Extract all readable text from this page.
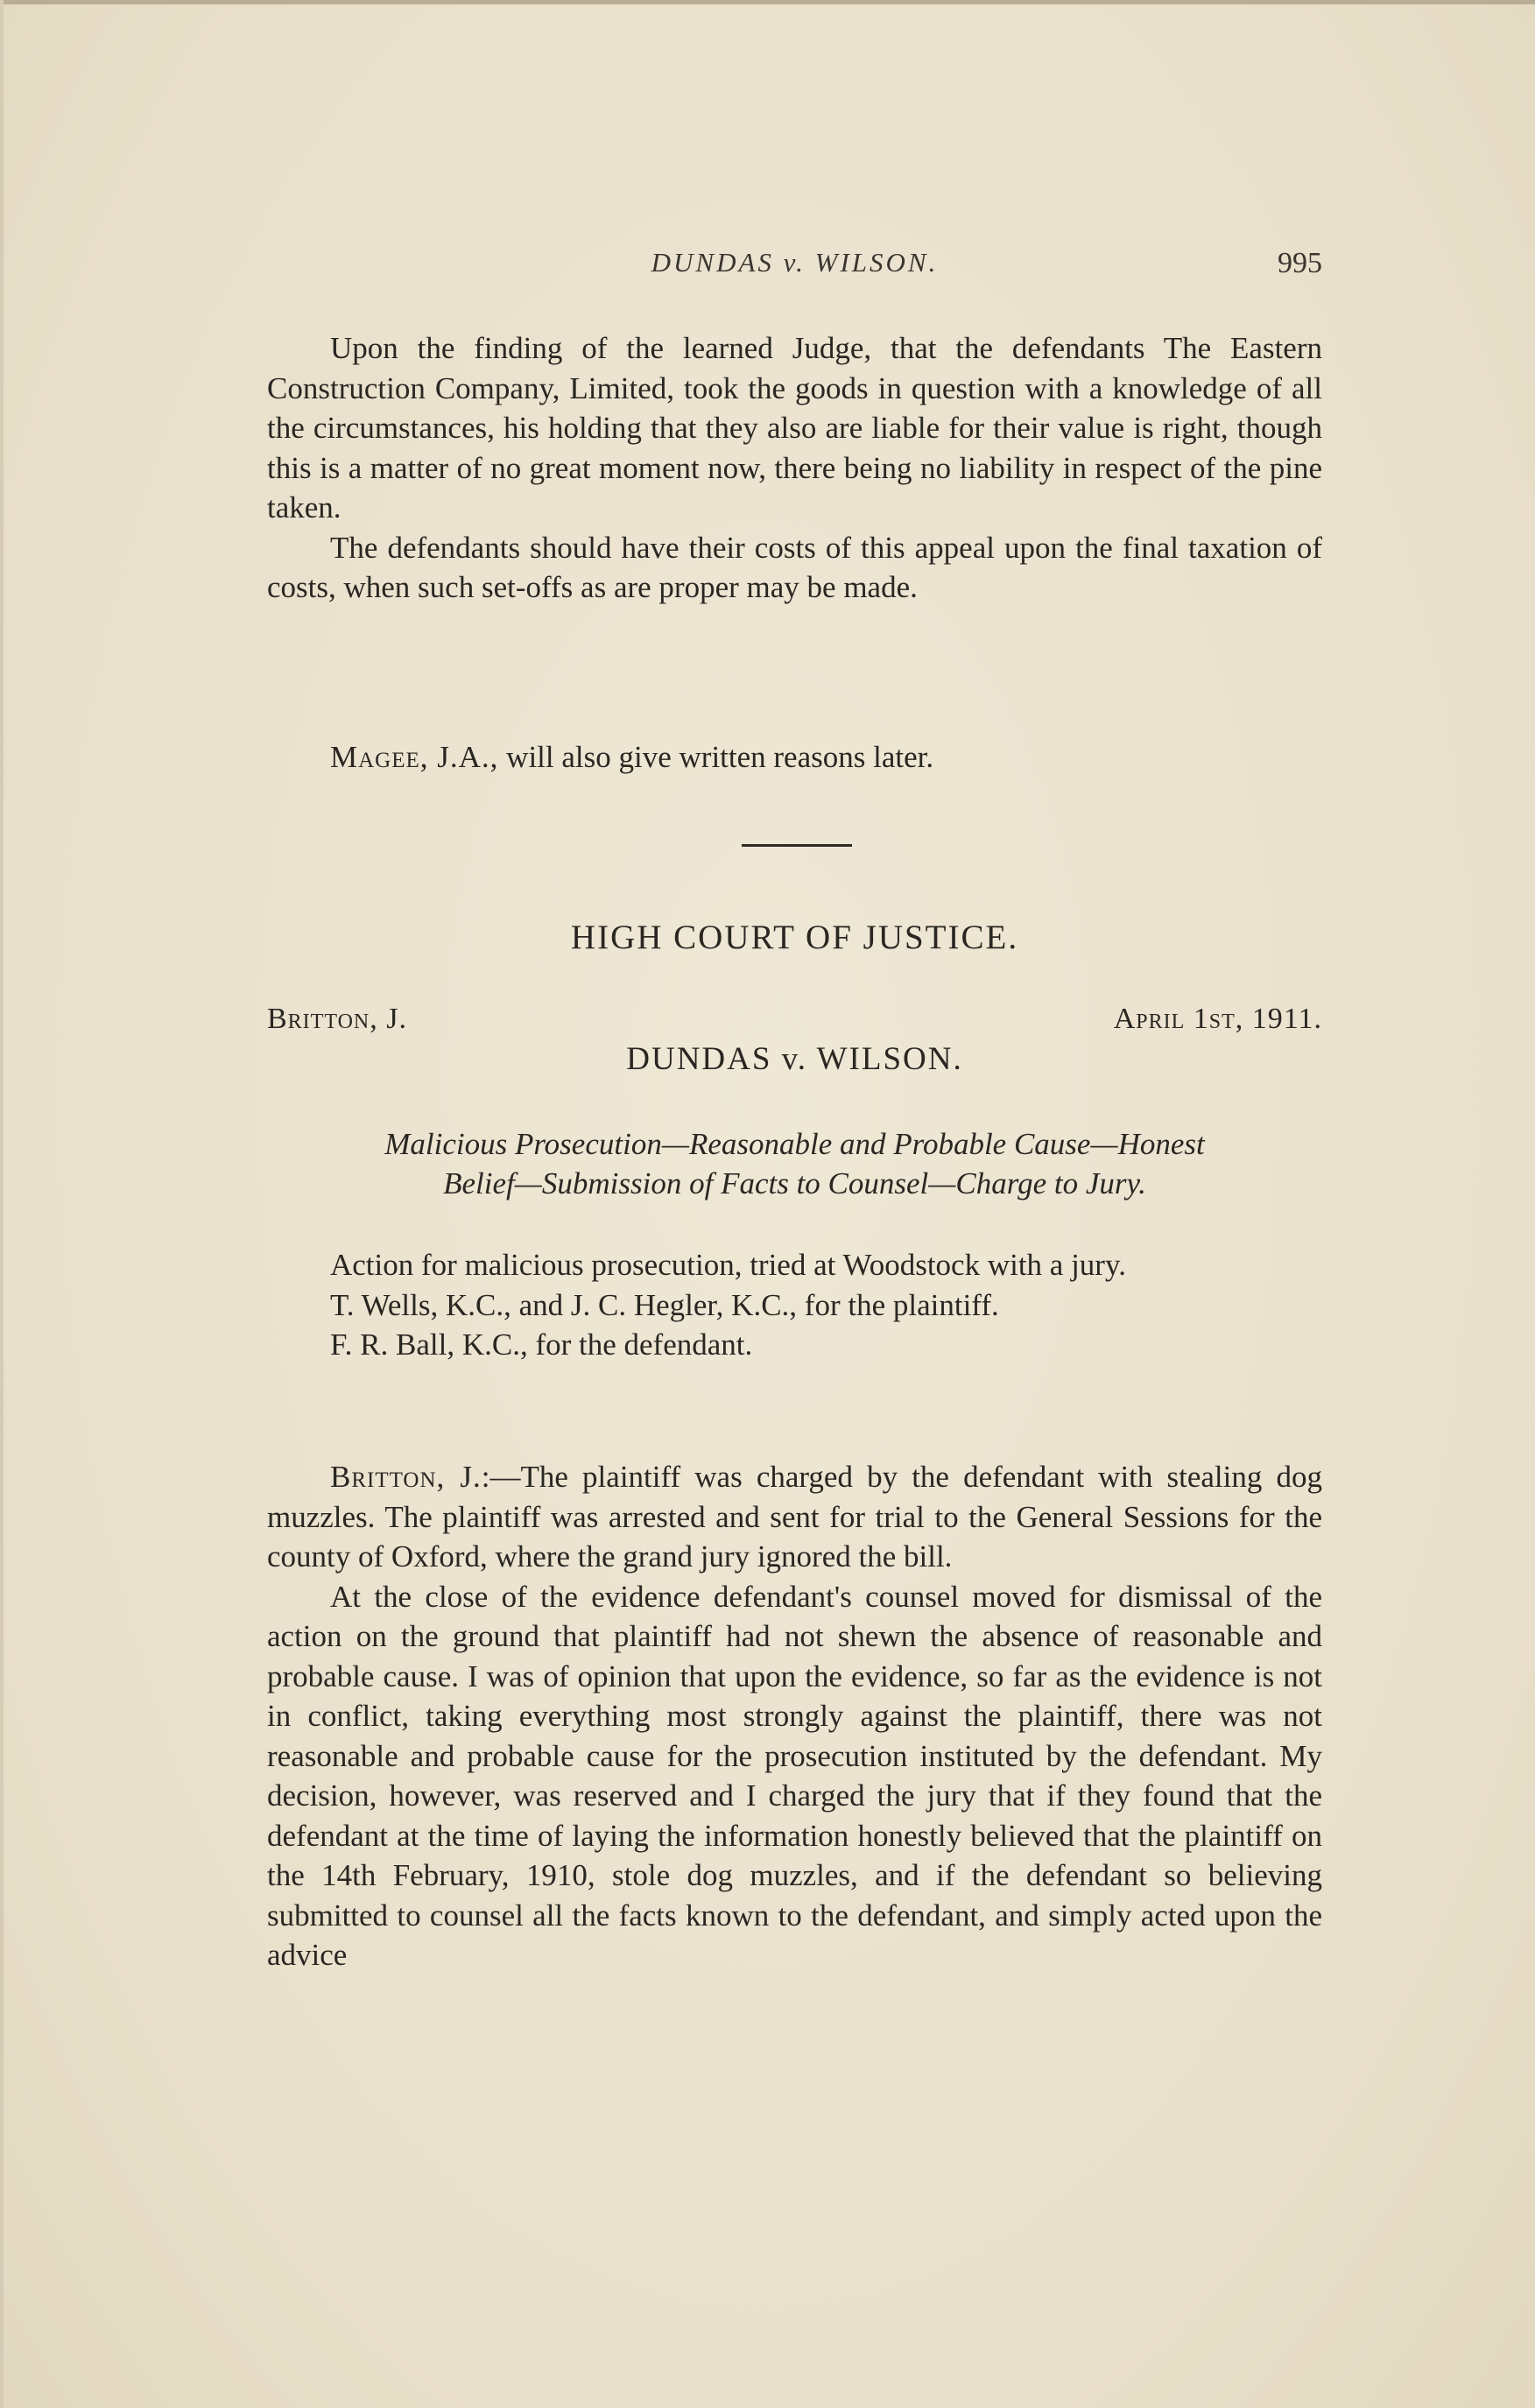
DUNDAS v. WILSON.	995

Upon the finding of the learned Judge, that the defendants The Eastern Construction Company, Limited, took the goods in question with a knowledge of all the circumstances, his holding that they also are liable for their value is right, though this is a matter of no great moment now, there being no liability in respect of the pine taken.

The defendants should have their costs of this appeal upon the final taxation of costs, when such set-offs as are proper may be made.

Magee, J.A., will also give written reasons later.

HIGH COURT OF JUSTICE.
Britton, J.	April 1st, 1911.
DUNDAS v. WILSON.
Malicious Prosecution—Reasonable and Probable Cause—Honest
Belief—Submission of Facts to Counsel—Charge to Jury.

Action for malicious prosecution, tried at Woodstock with a jury.

T. Wells, K.C., and J. C. Hegler, K.C., for the plaintiff.

F. R. Ball, K.C., for the defendant.

Britton, J.:—The plaintiff was charged by the defendant with stealing dog muzzles. The plaintiff was arrested and sent for trial to the General Sessions for the county of Oxford, where the grand jury ignored the bill.

At the close of the evidence defendant's counsel moved for dismissal of the action on the ground that plaintiff had not shewn the absence of reasonable and probable cause. I was of opinion that upon the evidence, so far as the evidence is not in conflict, taking everything most strongly against the plaintiff, there was not reasonable and probable cause for the prosecution instituted by the defendant. My decision, however, was reserved and I charged the jury that if they found that the defendant at the time of laying the information honestly believed that the plaintiff on the 14th February, 1910, stole dog muzzles, and if the defendant so believing submitted to counsel all the facts known to the defendant, and simply acted upon the advice
